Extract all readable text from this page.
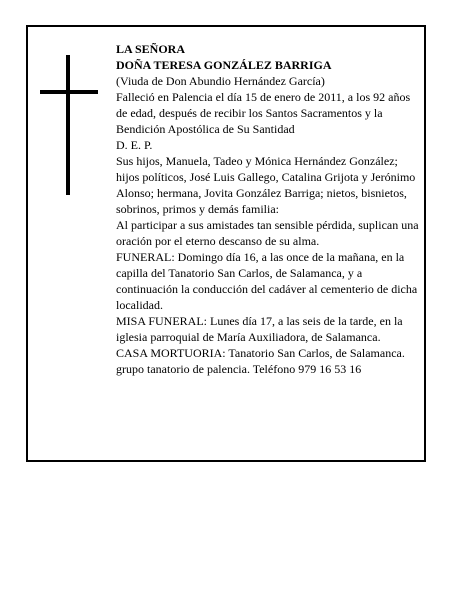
LA SEÑORA

DOÑA TERESA GONZÁLEZ BARRIGA

(Viuda de Don Abundio Hernández García)

Falleció en Palencia el día 15 de enero de 2011, a los 92 años de edad, después de recibir los Santos Sacramentos y la Bendición Apostólica de Su Santidad

D. E. P.

Sus hijos, Manuela, Tadeo y Mónica Hernández González; hijos políticos, José Luis Gallego, Catalina Grijota y Jerónimo Alonso; hermana, Jovita González Barriga; nietos, bisnietos, sobrinos, primos y demás familia:

Al participar a sus amistades tan sensible pérdida, suplican una oración por el eterno descanso de su alma.

FUNERAL: Domingo día 16, a las once de la mañana, en la capilla del Tanatorio San Carlos, de Salamanca, y a continuación la conducción del cadáver al cementerio de dicha localidad.

MISA FUNERAL: Lunes día 17, a las seis de la tarde, en la iglesia parroquial de María Auxiliadora, de Salamanca.

CASA MORTUORIA: Tanatorio San Carlos, de Salamanca.

grupo tanatorio de palencia. Teléfono 979 16 53 16
